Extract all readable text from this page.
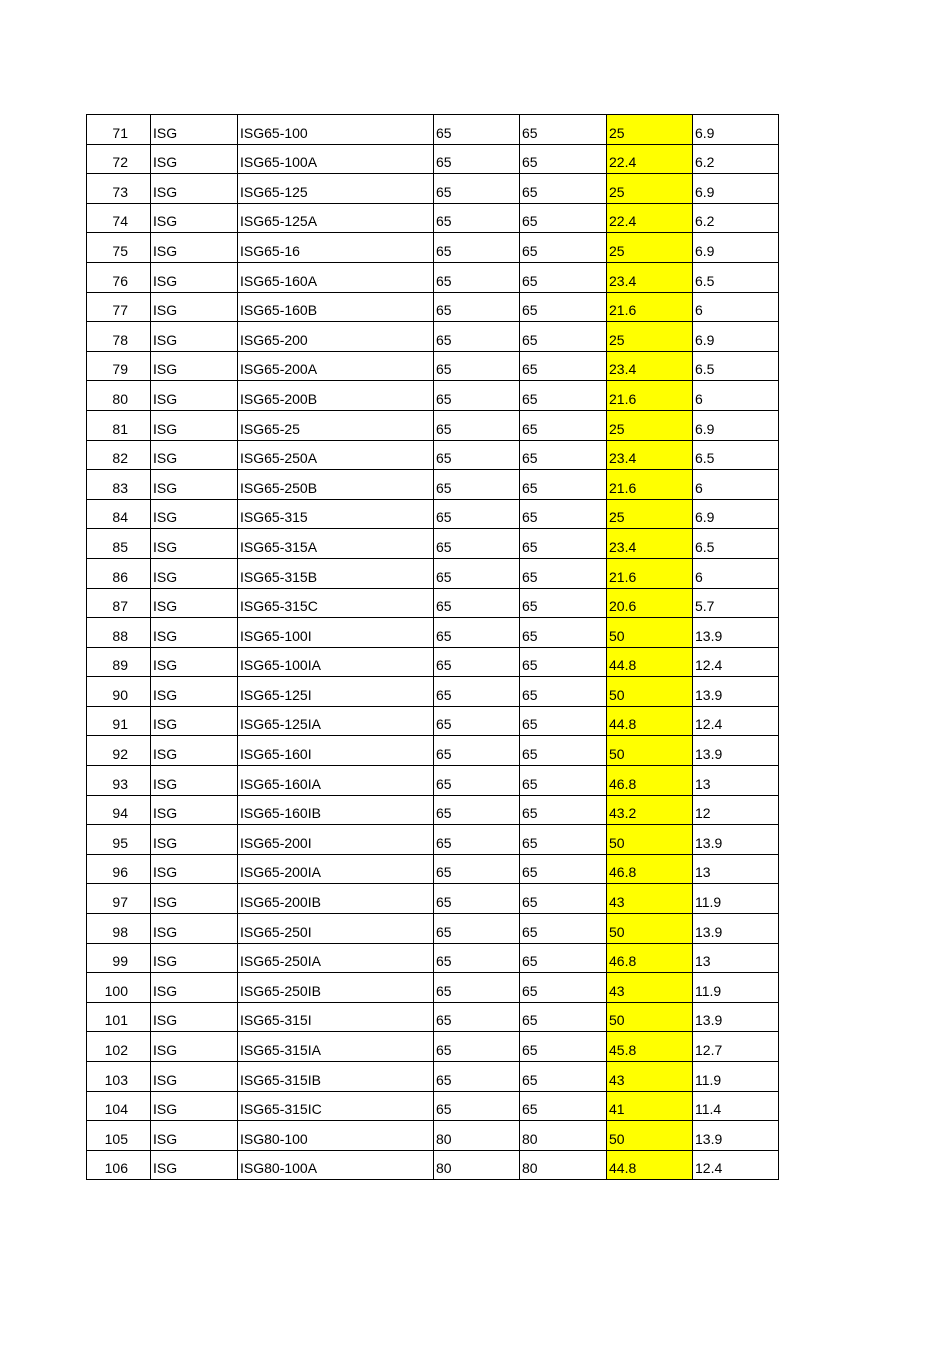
71	ISG	ISG65-100	65	65	25	6.9
72	ISG	ISG65-100A	65	65	22.4	6.2
73	ISG	ISG65-125	65	65	25	6.9
74	ISG	ISG65-125A	65	65	22.4	6.2
75	ISG	ISG65-16	65	65	25	6.9
76	ISG	ISG65-160A	65	65	23.4	6.5
77	ISG	ISG65-160B	65	65	21.6	6
78	ISG	ISG65-200	65	65	25	6.9
79	ISG	ISG65-200A	65	65	23.4	6.5
80	ISG	ISG65-200B	65	65	21.6	6
81	ISG	ISG65-25	65	65	25	6.9
82	ISG	ISG65-250A	65	65	23.4	6.5
83	ISG	ISG65-250B	65	65	21.6	6
84	ISG	ISG65-315	65	65	25	6.9
85	ISG	ISG65-315A	65	65	23.4	6.5
86	ISG	ISG65-315B	65	65	21.6	6
87	ISG	ISG65-315C	65	65	20.6	5.7
88	ISG	ISG65-100I	65	65	50	13.9
89	ISG	ISG65-100IA	65	65	44.8	12.4
90	ISG	ISG65-125I	65	65	50	13.9
91	ISG	ISG65-125IA	65	65	44.8	12.4
92	ISG	ISG65-160I	65	65	50	13.9
93	ISG	ISG65-160IA	65	65	46.8	13
94	ISG	ISG65-160IB	65	65	43.2	12
95	ISG	ISG65-200I	65	65	50	13.9
96	ISG	ISG65-200IA	65	65	46.8	13
97	ISG	ISG65-200IB	65	65	43	11.9
98	ISG	ISG65-250I	65	65	50	13.9
99	ISG	ISG65-250IA	65	65	46.8	13
100	ISG	ISG65-250IB	65	65	43	11.9
101	ISG	ISG65-315I	65	65	50	13.9
102	ISG	ISG65-315IA	65	65	45.8	12.7
103	ISG	ISG65-315IB	65	65	43	11.9
104	ISG	ISG65-315IC	65	65	41	11.4
105	ISG	ISG80-100	80	80	50	13.9
106	ISG	ISG80-100A	80	80	44.8	12.4
